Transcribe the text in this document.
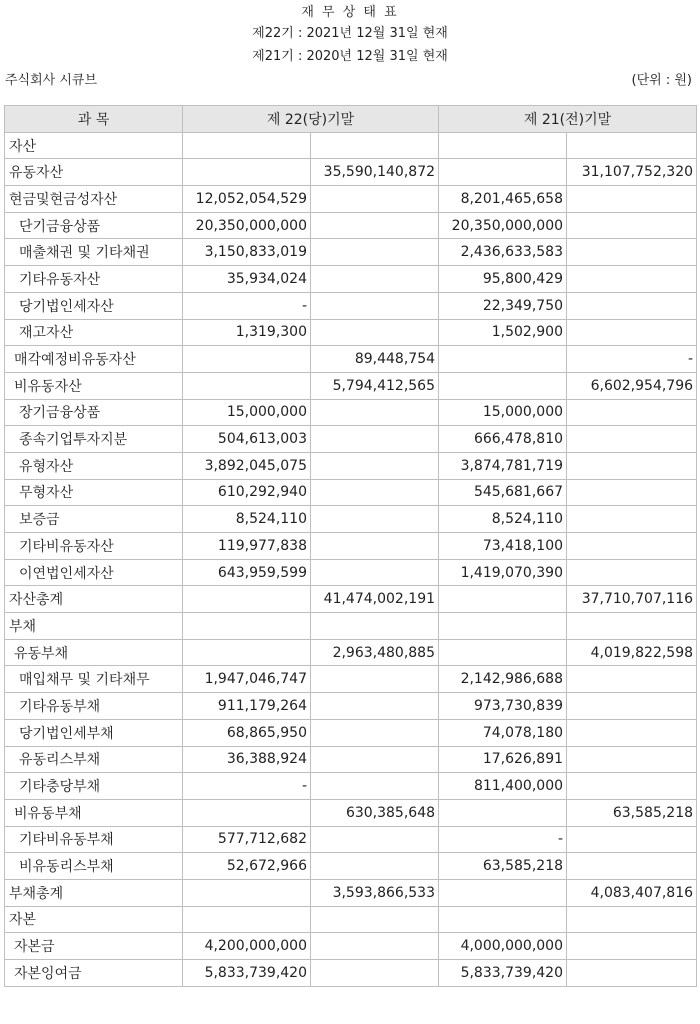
재 무 상 태 표
제22기 : 2021년 12월 31일 현재
제21기 : 2020년 12월 31일 현재
주식회사 시큐브	(단위 : 원)
과 목	제 22(당)기말		제 21(전)기말	
자산				
유동자산		35,590,140,872		31,107,752,320
현금및현금성자산	12,052,054,529		8,201,465,658	
단기금융상품	20,350,000,000		20,350,000,000	
매출채권 및 기타채권	3,150,833,019		2,436,633,583	
기타유동자산	35,934,024		95,800,429	
당기법인세자산	-		22,349,750	
재고자산	1,319,300		1,502,900	
매각예정비유동자산		89,448,754		-
비유동자산		5,794,412,565		6,602,954,796
장기금융상품	15,000,000		15,000,000	
종속기업투자지분	504,613,003		666,478,810	
유형자산	3,892,045,075		3,874,781,719	
무형자산	610,292,940		545,681,667	
보증금	8,524,110		8,524,110	
기타비유동자산	119,977,838		73,418,100	
이연법인세자산	643,959,599		1,419,070,390	
자산총계		41,474,002,191		37,710,707,116
부채				
유동부채		2,963,480,885		4,019,822,598
매입채무 및 기타채무	1,947,046,747		2,142,986,688	
기타유동부채	911,179,264		973,730,839	
당기법인세부채	68,865,950		74,078,180	
유동리스부채	36,388,924		17,626,891	
기타충당부채	-		811,400,000	
비유동부채		630,385,648		63,585,218
기타비유동부채	577,712,682		-	
비유동리스부채	52,672,966		63,585,218	
부채총계		3,593,866,533		4,083,407,816
자본				
자본금	4,200,000,000		4,000,000,000	
자본잉여금	5,833,739,420		5,833,739,420	
